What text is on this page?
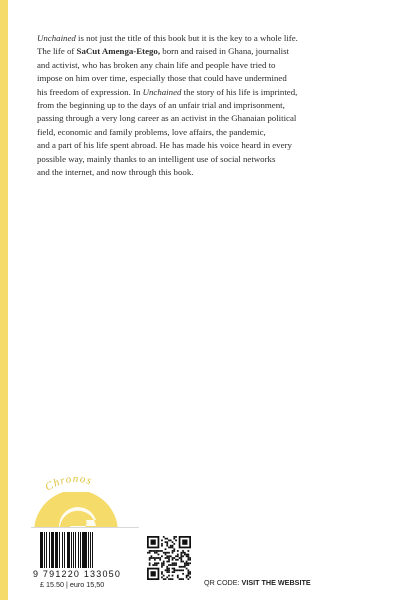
Unchained is not just the title of this book but it is the key to a whole life.
The life of SaCut Amenga-Etego, born and raised in Ghana, journalist
and activist, who has broken any chain life and people have tried to
impose on him over time, especially those that could have undermined
his freedom of expression. In Unchained the story of his life is imprinted,
from the beginning up to the days of an unfair trial and imprisonment,
passing through a very long career as an activist in the Ghanaian political
field, economic and family problems, love affairs, the pandemic,
and a part of his life spent abroad. He has made his voice heard in every
possible way, mainly thanks to an intelligent use of social networks
and the internet, and now through this book.
Chronos
9 791220 133050
£ 15.50 | euro 15,50	QR CODE: VISIT THE WEBSITE
